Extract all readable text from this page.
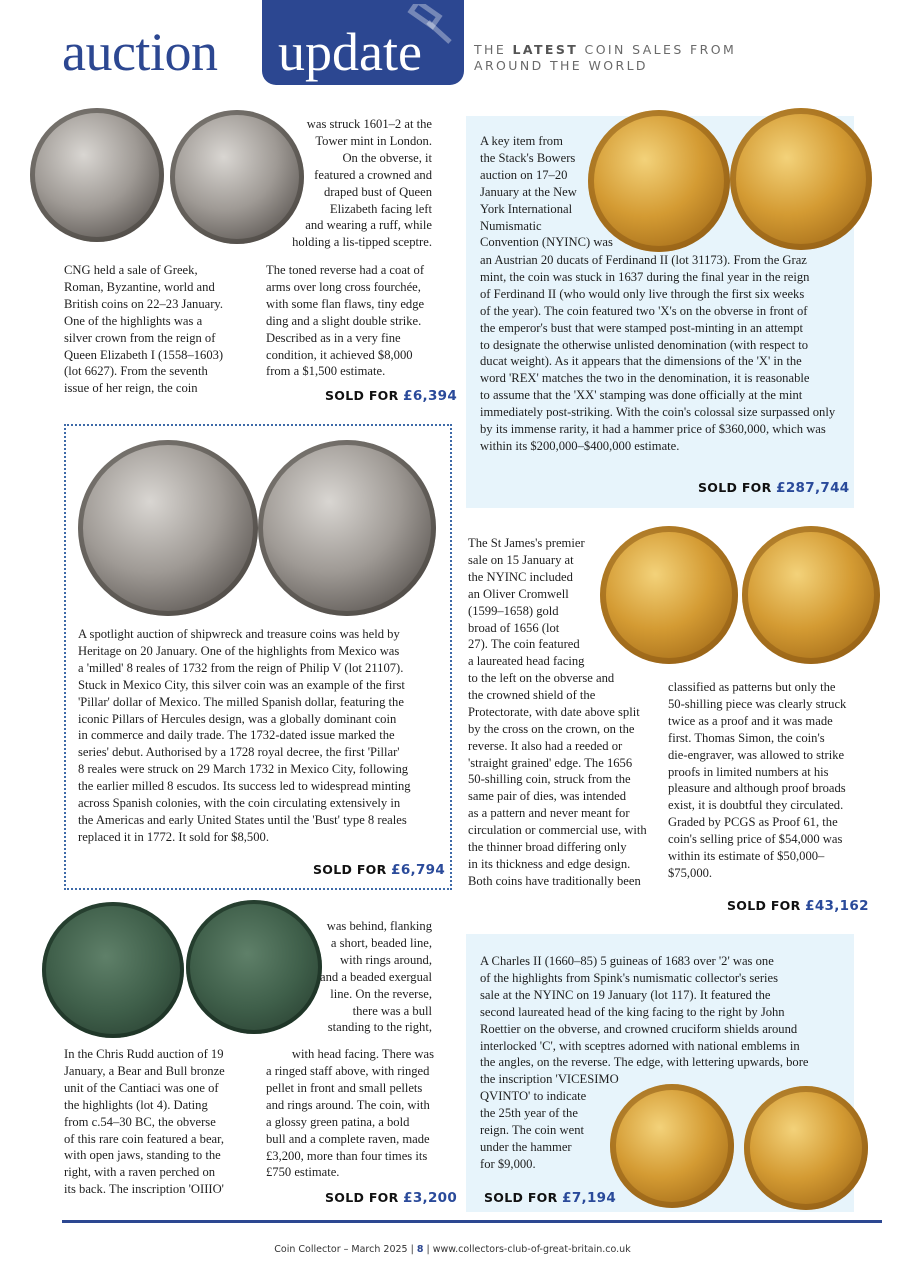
auction update	THE LATEST COIN SALES FROM
AROUND THE WORLD
was struck 1601–2 at the
Tower mint in London.
On the obverse, it
featured a crowned and
draped bust of Queen
Elizabeth facing left
and wearing a ruff, while
holding a lis-tipped sceptre.
CNG held a sale of Greek,
Roman, Byzantine, world and
British coins on 22–23 January.
One of the highlights was a
silver crown from the reign of
Queen Elizabeth I (1558–1603)
(lot 6627). From the seventh
issue of her reign, the coin
The toned reverse had a coat of
arms over long cross fourchée,
with some flan flaws, tiny edge
ding and a slight double strike.
Described as in a very fine
condition, it achieved $8,000
from a $1,500 estimate.
SOLD FOR £6,394
A key item from
the Stack's Bowers
auction on 17–20
January at the New
York International
Numismatic
Convention (NYINC) was
an Austrian 20 ducats of Ferdinand II (lot 31173). From the Graz
mint, the coin was stuck in 1637 during the final year in the reign
of Ferdinand II (who would only live through the first six weeks
of the year). The coin featured two 'X's on the obverse in front of
the emperor's bust that were stamped post-minting in an attempt
to designate the otherwise unlisted denomination (with respect to
ducat weight). As it appears that the dimensions of the 'X' in the
word 'REX' matches the two in the denomination, it is reasonable
to assume that the 'XX' stamping was done officially at the mint
immediately post-striking. With the coin's colossal size surpassed only
by its immense rarity, it had a hammer price of $360,000, which was
within its $200,000–$400,000 estimate.
SOLD FOR £287,744
A spotlight auction of shipwreck and treasure coins was held by
Heritage on 20 January. One of the highlights from Mexico was
a 'milled' 8 reales of 1732 from the reign of Philip V (lot 21107).
Stuck in Mexico City, this silver coin was an example of the first
'Pillar' dollar of Mexico. The milled Spanish dollar, featuring the
iconic Pillars of Hercules design, was a globally dominant coin
in commerce and daily trade. The 1732-dated issue marked the
series' debut. Authorised by a 1728 royal decree, the first 'Pillar'
8 reales were struck on 29 March 1732 in Mexico City, following
the earlier milled 8 escudos. Its success led to widespread minting
across Spanish colonies, with the coin circulating extensively in
the Americas and early United States until the 'Bust' type 8 reales
replaced it in 1772. It sold for $8,500.
SOLD FOR £6,794
The St James's premier
sale on 15 January at
the NYINC included
an Oliver Cromwell
(1599–1658) gold
broad of 1656 (lot
27). The coin featured
a laureated head facing
to the left on the obverse and
the crowned shield of the
Protectorate, with date above split
by the cross on the crown, on the
reverse. It also had a reeded or
'straight grained' edge. The 1656
50-shilling coin, struck from the
same pair of dies, was intended
as a pattern and never meant for
circulation or commercial use, with
the thinner broad differing only
in its thickness and edge design.
Both coins have traditionally been
classified as patterns but only the
50-shilling piece was clearly struck
twice as a proof and it was made
first. Thomas Simon, the coin's
die-engraver, was allowed to strike
proofs in limited numbers at his
pleasure and although proof broads
exist, it is doubtful they circulated.
Graded by PCGS as Proof 61, the
coin's selling price of $54,000 was
within its estimate of $50,000–
$75,000.
SOLD FOR £43,162
was behind, flanking
a short, beaded line,
with rings around,
and a beaded exergual
line. On the reverse,
there was a bull
standing to the right,
In the Chris Rudd auction of 19
January, a Bear and Bull bronze
unit of the Cantiaci was one of
the highlights (lot 4). Dating
from c.54–30 BC, the obverse
of this rare coin featured a bear,
with open jaws, standing to the
right, with a raven perched on
its back. The inscription 'OIIIO'
with head facing. There was
a ringed staff above, with ringed
pellet in front and small pellets
and rings around. The coin, with
a glossy green patina, a bold
bull and a complete raven, made
£3,200, more than four times its
£750 estimate.
SOLD FOR £3,200
A Charles II (1660–85) 5 guineas of 1683 over '2' was one
of the highlights from Spink's numismatic collector's series
sale at the NYINC on 19 January (lot 117). It featured the
second laureated head of the king facing to the right by John
Roettier on the obverse, and crowned cruciform shields around
interlocked 'C', with sceptres adorned with national emblems in
the angles, on the reverse. The edge, with lettering upwards, bore
the inscription 'VICESIMO
QVINTO' to indicate
the 25th year of the
reign. The coin went
under the hammer
for $9,000.
SOLD FOR £7,194
Coin Collector – March 2025 | 8 | www.collectors-club-of-great-britain.co.uk
